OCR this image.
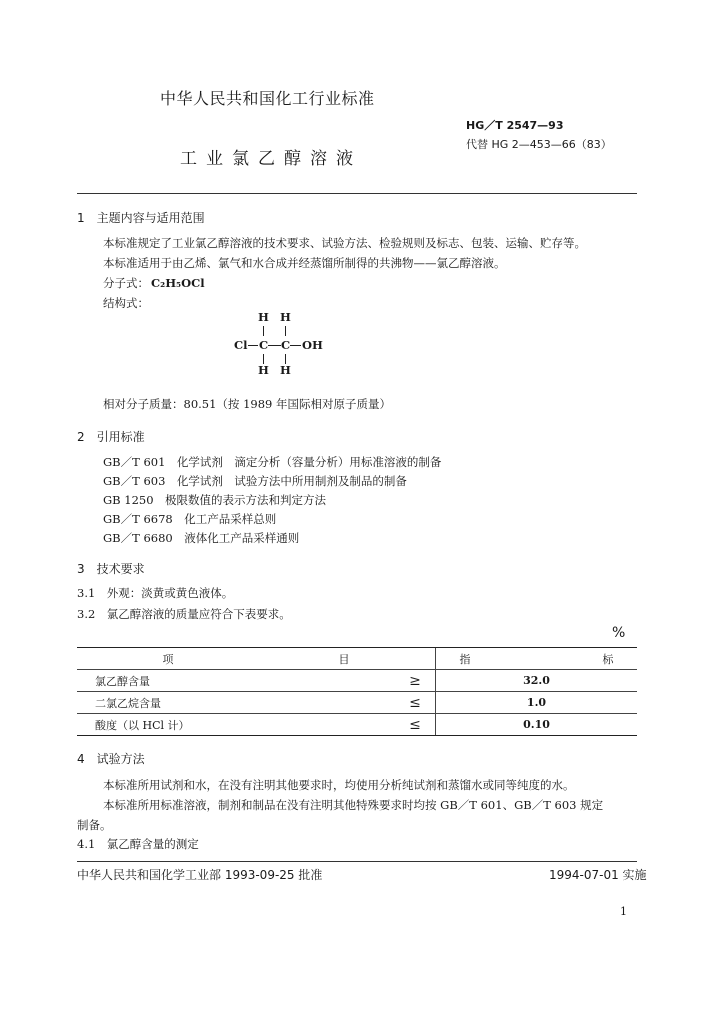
中华人民共和国化工行业标准
HG／T 2547—93
代替 HG 2—453—66（83）
工业氯乙醇溶液
1　主题内容与适用范围
本标准规定了工业氯乙醇溶液的技术要求、试验方法、检验规则及标志、包装、运输、贮存等。
本标准适用于由乙烯、氯气和水合成并经蒸馏所制得的共沸物——氯乙醇溶液。
分子式： C₂H₅OCl
结构式：
H H
Cl C C OH
H H
相对分子质量：80.51（按 1989 年国际相对原子质量）
2　引用标准
GB／T 601　化学试剂　滴定分析（容量分析）用标准溶液的制备
GB／T 603　化学试剂　试验方法中所用制剂及制品的制备
GB 1250　极限数值的表示方法和判定方法
GB／T 6678　化工产品采样总则
GB／T 6680　液体化工产品采样通则
3　技术要求
3.1　外观：淡黄或黄色液体。
3.2　氯乙醇溶液的质量应符合下表要求。
%
项　　　　　　　　　　　　　　　目		指　　　　　　　　　　　　标
氯乙醇含量	≥	32.0
二氯乙烷含量	≤	1.0
酸度（以 HCl 计）	≤	0.10
4　试验方法
本标准所用试剂和水，在没有注明其他要求时，均使用分析纯试剂和蒸馏水或同等纯度的水。
本标准所用标准溶液，制剂和制品在没有注明其他特殊要求时均按 GB／T 601、GB／T 603 规定
制备。
4.1　氯乙醇含量的测定
中华人民共和国化学工业部 1993-09-25 批准	1994-07-01 实施
1
